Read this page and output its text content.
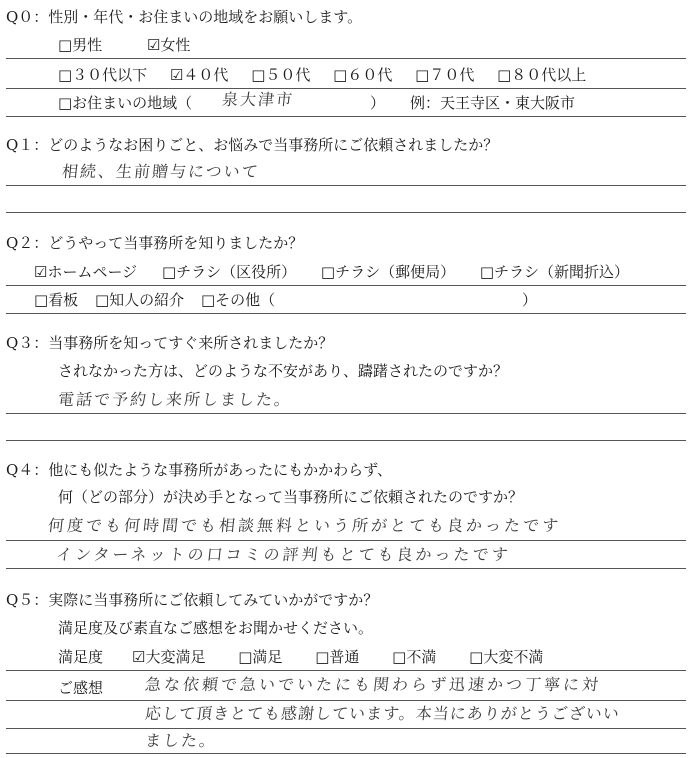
Q０：性別・年代・お住まいの地域をお願いします。
□男性	☑女性
□３０代以下 ☑４０代 □５０代 □６０代 □７０代 □８０代以上
□お住まいの地域（ 泉大津市	） 例：天王寺区・東大阪市
Q１：どのようなお困りごと、お悩みで当事務所にご依頼されましたか？
相続、生前贈与について
Q２：どうやって当事務所を知りましたか？
☑ホームページ □チラシ（区役所） □チラシ（郵便局） □チラシ（新聞折込）
□看板 □知人の紹介 □その他（	）
Q３：当事務所を知ってすぐ来所されましたか？
されなかった方は、どのような不安があり、躊躇されたのですか？
電話で予約し来所しました。
Q４：他にも似たような事務所があったにもかかわらず、
何（どの部分）が決め手となって当事務所にご依頼されたのですか？
何度でも何時間でも相談無料という所がとても良かったです
インターネットの口コミの評判もとても良かったです
Q５：実際に当事務所にご依頼してみていかがですか？
満足度及び素直なご感想をお聞かせください。
満足度 ☑大変満足 □満足 □普通 □不満 □大変不満
ご感想	急な依頼で急いでいたにも関わらず迅速かつ丁寧に対
応して頂きとても感謝しています。本当にありがとうございい
ました。
